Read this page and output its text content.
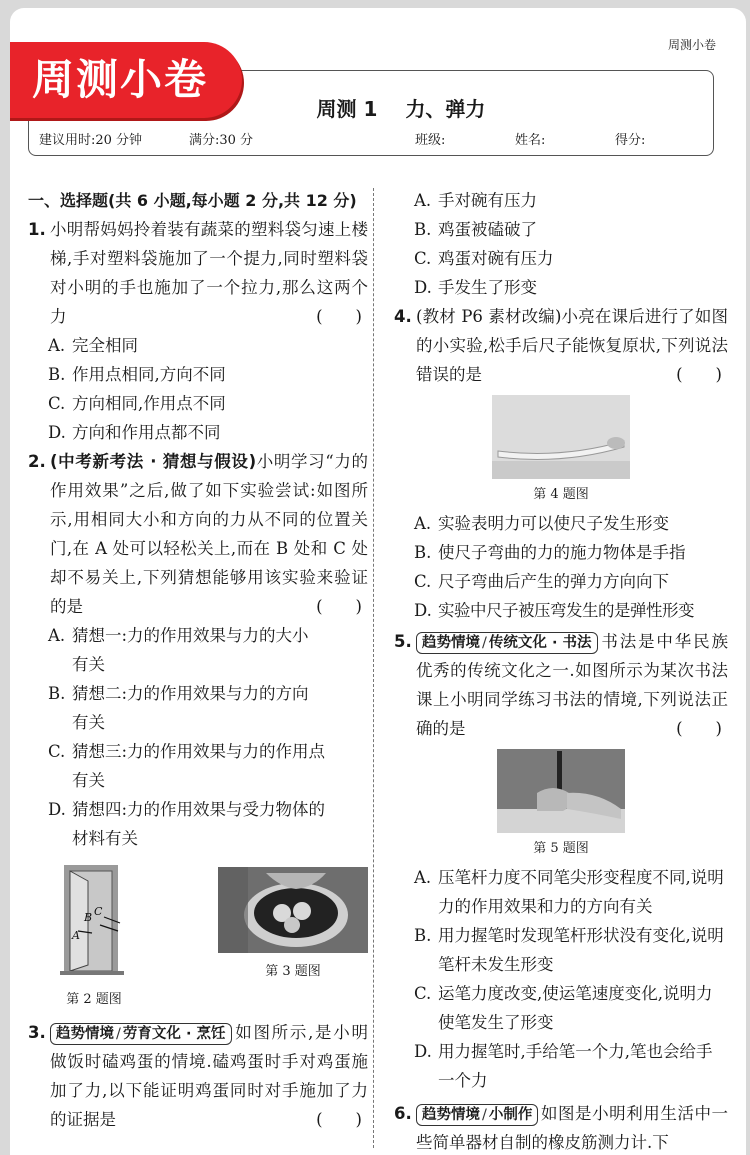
周测小卷
周测 1 力、弹力
建议用时:20 分钟	满分:30 分	班级:	姓名:	得分:
周测小卷
一、选择题(共 6 小题,每小题 2 分,共 12 分)
1. 小明帮妈妈拎着装有蔬菜的塑料袋匀速上楼梯,手对塑料袋施加了一个提力,同时塑料袋对小明的手也施加了一个拉力,那么这两个力	(　　)
A. 完全相同
B. 作用点相同,方向不同
C. 方向相同,作用点不同
D. 方向和作用点都不同
2. (中考新考法 · 猜想与假设)小明学习“力的作用效果”之后,做了如下实验尝试:如图所示,用相同大小和方向的力从不同的位置关门,在 A 处可以轻松关上,而在 B 处和 C 处却不易关上,下列猜想能够用该实验来验证的是	(　　)
A. 猜想一:力的作用效果与力的大小
有关
B. 猜想二:力的作用效果与力的方向
有关
C. 猜想三:力的作用效果与力的作用点
有关
D. 猜想四:力的作用效果与受力物体的
材料有关
A
B C
第 2 题图
第 3 题图
3. 趋势情境 / 劳育文化 · 烹饪 如图所示,是小明做饭时磕鸡蛋的情境.磕鸡蛋时手对鸡蛋施加了力,以下能证明鸡蛋同时对手施加了力的证据是	(　　)
A. 手对碗有压力
B. 鸡蛋被磕破了
C. 鸡蛋对碗有压力
D. 手发生了形变
4. (教材 P6 素材改编)小亮在课后进行了如图的小实验,松手后尺子能恢复原状,下列说法错误的是	(　　)
第 4 题图
A. 实验表明力可以使尺子发生形变
B. 使尺子弯曲的力的施力物体是手指
C. 尺子弯曲后产生的弹力方向向下
D. 实验中尺子被压弯发生的是弹性形变
5. 趋势情境 / 传统文化 · 书法 书法是中华民族优秀的传统文化之一.如图所示为某次书法课上小明同学练习书法的情境,下列说法正确的是	(　　)
第 5 题图
A. 压笔杆力度不同笔尖形变程度不同,说明力的作用效果和力的方向有关
B. 用力握笔时发现笔杆形状没有变化,说明笔杆未发生形变
C. 运笔力度改变,使运笔速度变化,说明力使笔发生了形变
D. 用力握笔时,手给笔一个力,笔也会给手一个力
6. 趋势情境 / 小制作 如图是小明利用生活中一些简单器材自制的橡皮筋测力计.下
